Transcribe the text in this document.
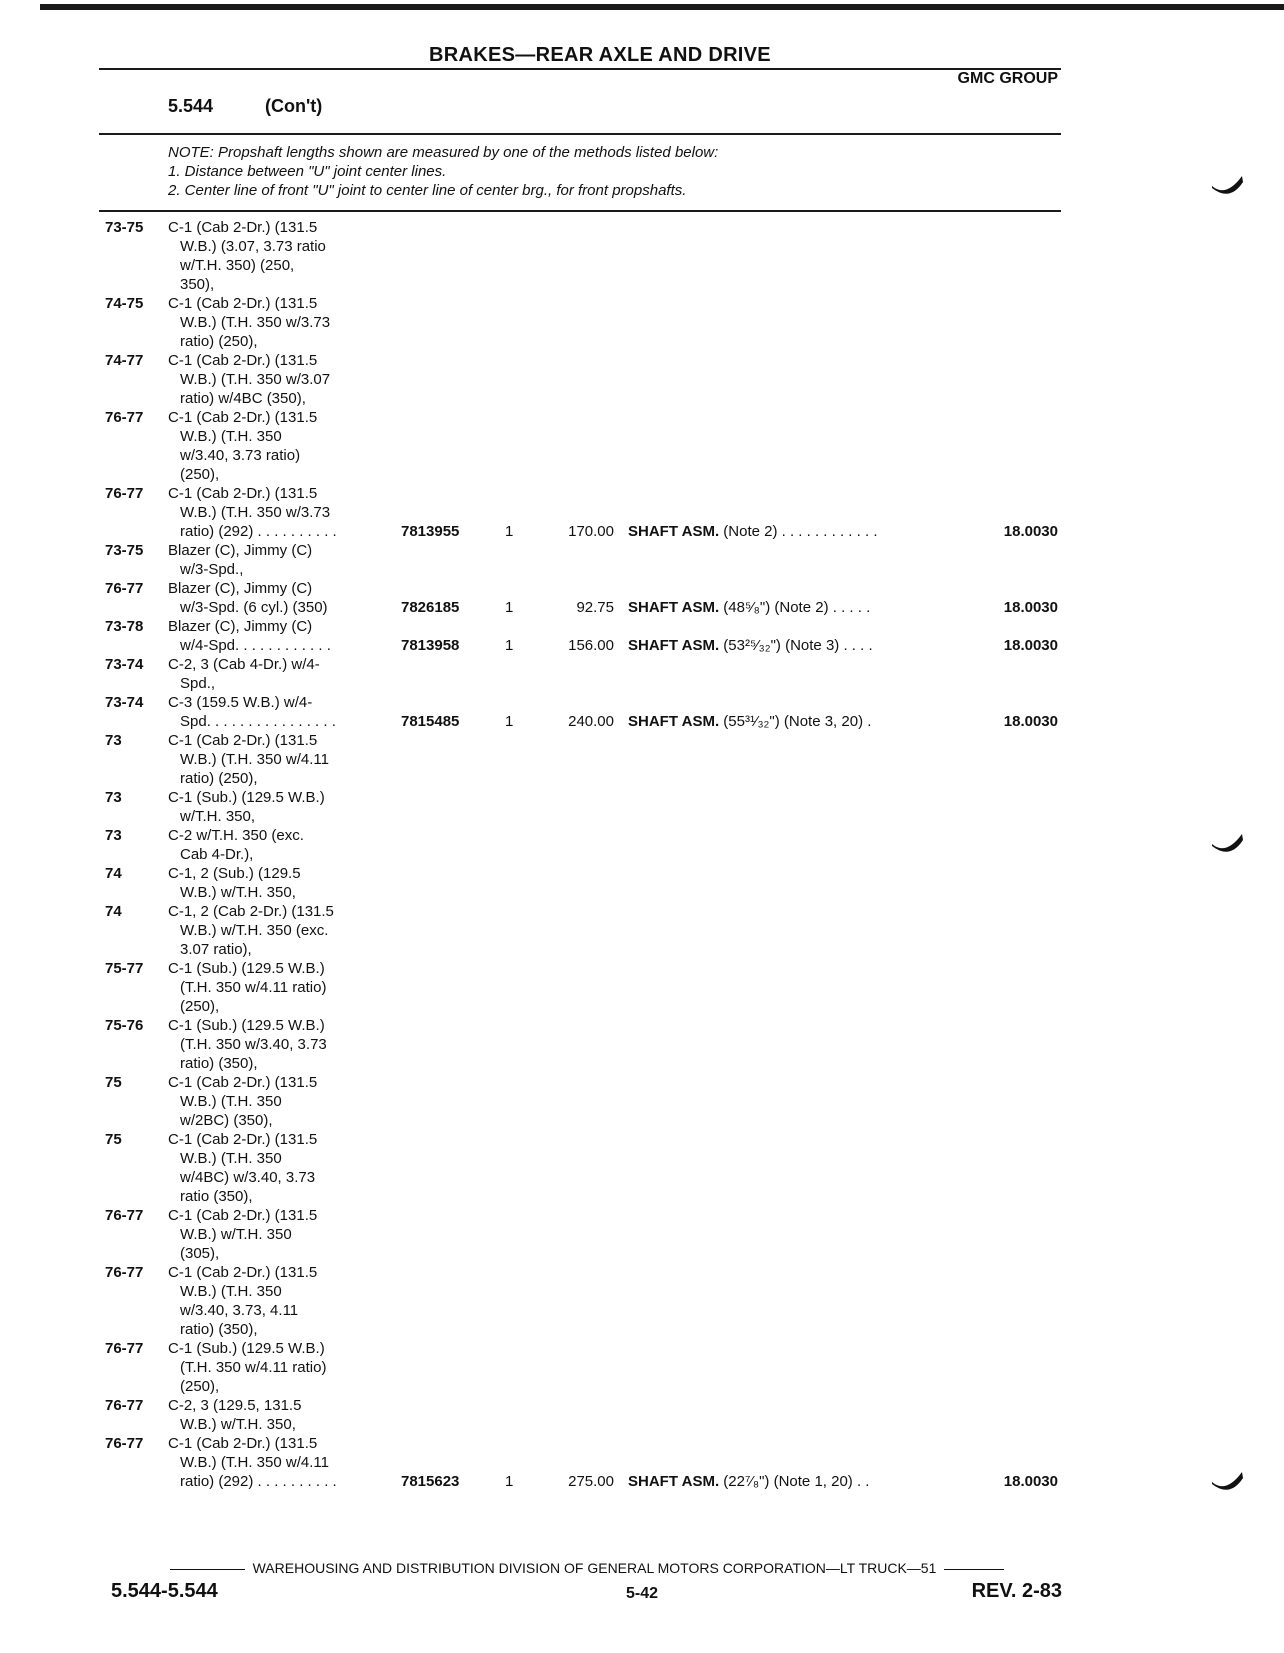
BRAKES—REAR AXLE AND DRIVE
GMC GROUP
5.544	(Con't)
NOTE: Propshaft lengths shown are measured by one of the methods listed below:
1. Distance between "U" joint center lines.
2. Center line of front "U" joint to center line of center brg., for front propshafts.
73-75 C-1 (Cab 2-Dr.) (131.5
W.B.) (3.07, 3.73 ratio
w/T.H. 350) (250,
350),
74-75 C-1 (Cab 2-Dr.) (131.5
W.B.) (T.H. 350 w/3.73
ratio) (250),
74-77 C-1 (Cab 2-Dr.) (131.5
W.B.) (T.H. 350 w/3.07
ratio) w/4BC (350),
76-77 C-1 (Cab 2-Dr.) (131.5
W.B.) (T.H. 350
w/3.40, 3.73 ratio)
(250),
76-77 C-1 (Cab 2-Dr.) (131.5
W.B.) (T.H. 350 w/3.73
ratio) (292) . . . . . . . . . .	7813955	1	170.00 SHAFT ASM. (Note 2) . . . . . . . . . . . .	18.0030
73-75 Blazer (C), Jimmy (C)
w/3-Spd.,
76-77 Blazer (C), Jimmy (C)
w/3-Spd. (6 cyl.) (350)	7826185	1	92.75 SHAFT ASM. (48⁵⁄₈") (Note 2) . . . . .	18.0030
73-78 Blazer (C), Jimmy (C)
w/4-Spd. . . . . . . . . . . .	7813958	1	156.00 SHAFT ASM. (53²⁵⁄₃₂") (Note 3) . . . .	18.0030
73-74 C-2, 3 (Cab 4-Dr.) w/4-
Spd.,
73-74 C-3 (159.5 W.B.) w/4-
Spd. . . . . . . . . . . . . . . .	7815485	1	240.00 SHAFT ASM. (55³¹⁄₃₂") (Note 3, 20) .	18.0030
73	C-1 (Cab 2-Dr.) (131.5
W.B.) (T.H. 350 w/4.11
ratio) (250),
73	C-1 (Sub.) (129.5 W.B.)
w/T.H. 350,
73	C-2 w/T.H. 350 (exc.
Cab 4-Dr.),
74	C-1, 2 (Sub.) (129.5
W.B.) w/T.H. 350,
74	C-1, 2 (Cab 2-Dr.) (131.5
W.B.) w/T.H. 350 (exc.
3.07 ratio),
75-77 C-1 (Sub.) (129.5 W.B.)
(T.H. 350 w/4.11 ratio)
(250),
75-76 C-1 (Sub.) (129.5 W.B.)
(T.H. 350 w/3.40, 3.73
ratio) (350),
75	C-1 (Cab 2-Dr.) (131.5
W.B.) (T.H. 350
w/2BC) (350),
75	C-1 (Cab 2-Dr.) (131.5
W.B.) (T.H. 350
w/4BC) w/3.40, 3.73
ratio (350),
76-77 C-1 (Cab 2-Dr.) (131.5
W.B.) w/T.H. 350
(305),
76-77 C-1 (Cab 2-Dr.) (131.5
W.B.) (T.H. 350
w/3.40, 3.73, 4.11
ratio) (350),
76-77 C-1 (Sub.) (129.5 W.B.)
(T.H. 350 w/4.11 ratio)
(250),
76-77 C-2, 3 (129.5, 131.5
W.B.) w/T.H. 350,
76-77 C-1 (Cab 2-Dr.) (131.5
W.B.) (T.H. 350 w/4.11
ratio) (292) . . . . . . . . . .	7815623	1	275.00 SHAFT ASM. (22⁷⁄₈") (Note 1, 20) . .	18.0030
WAREHOUSING AND DISTRIBUTION DIVISION OF GENERAL MOTORS CORPORATION—LT TRUCK—51
5.544-5.544	5-42	REV. 2-83
